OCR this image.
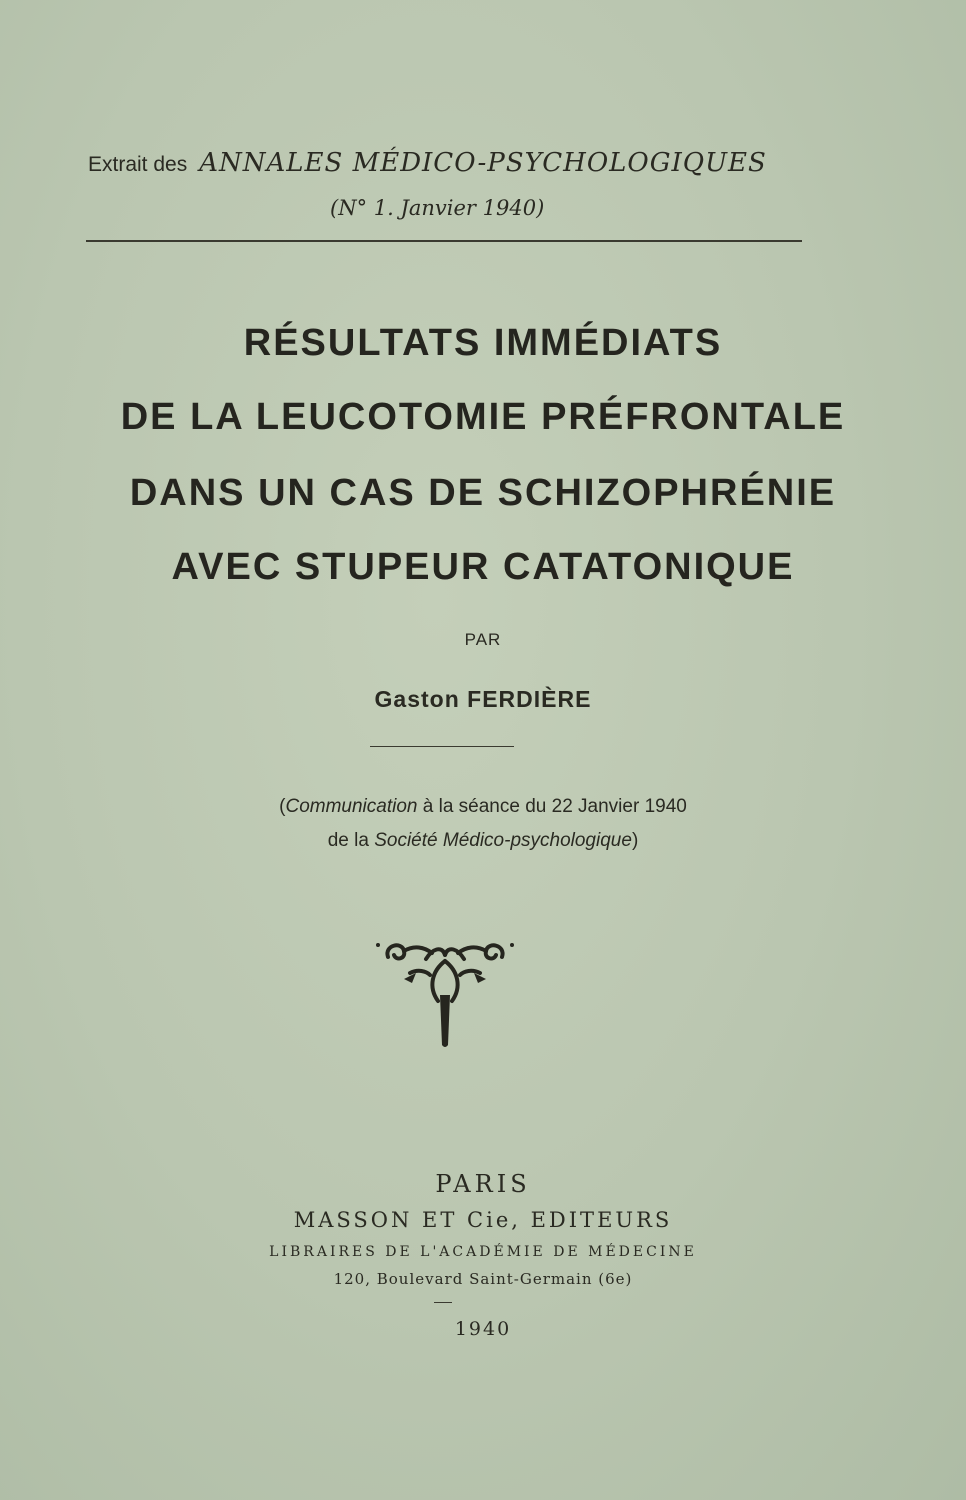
Extrait des ANNALES MÉDICO-PSYCHOLOGIQUES
(N° 1. Janvier 1940)
RÉSULTATS IMMÉDIATS
DE LA LEUCOTOMIE PRÉFRONTALE
DANS UN CAS DE SCHIZOPHRÉNIE
AVEC STUPEUR CATATONIQUE
PAR
Gaston FERDIÈRE
(Communication à la séance du 22 Janvier 1940
de la Société Médico-psychologique)
PARIS
MASSON ET Cie, EDITEURS
LIBRAIRES DE L'ACADÉMIE DE MÉDECINE
120, Boulevard Saint-Germain (6e)
1940
